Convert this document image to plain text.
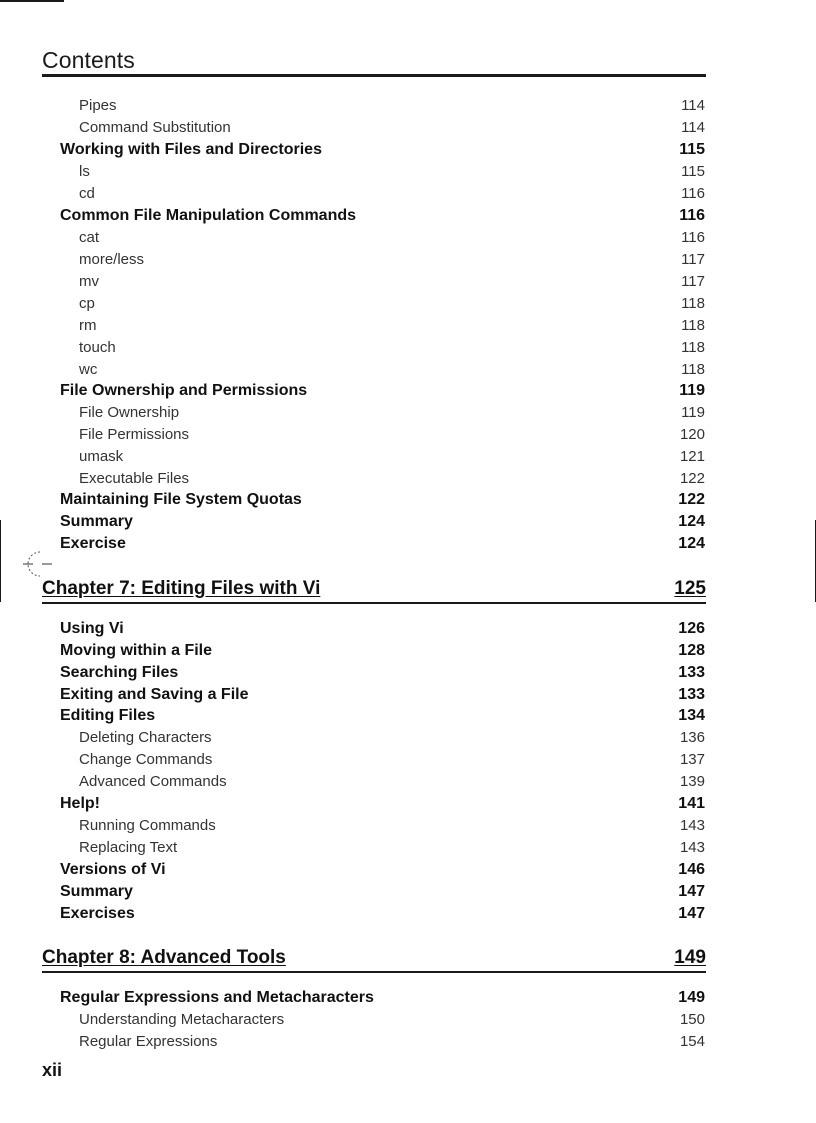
Contents
Pipes	114
Command Substitution	114
Working with Files and Directories	115
ls	115
cd	116
Common File Manipulation Commands	116
cat	116
more/less	117
mv	117
cp	118
rm	118
touch	118
wc	118
File Ownership and Permissions	119
File Ownership	119
File Permissions	120
umask	121
Executable Files	122
Maintaining File System Quotas	122
Summary	124
Exercise	124
Chapter 7: Editing Files with Vi	125
Using Vi	126
Moving within a File	128
Searching Files	133
Exiting and Saving a File	133
Editing Files	134
Deleting Characters	136
Change Commands	137
Advanced Commands	139
Help!	141
Running Commands	143
Replacing Text	143
Versions of Vi	146
Summary	147
Exercises	147
Chapter 8: Advanced Tools	149
Regular Expressions and Metacharacters	149
Understanding Metacharacters	150
Regular Expressions	154
xii
